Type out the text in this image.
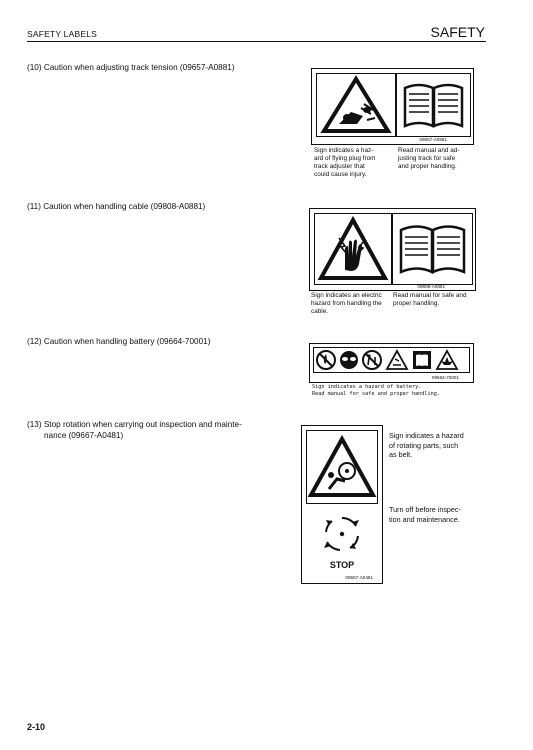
SAFETY LABELS	SAFETY
(10) Caution when adjusting track tension (09657-A0881)
09657-A0881
Sign indicates a haz-
ard of flying plug from
track adjuster that
could cause injury.
Read manual and ad-
justing track for safe
and proper handling.
(11) Caution when handling cable (09808-A0881)
09808-A0881
Sign indicates an electric
hazard from handling the
cable.
Read manual for safe and
proper handling.
(12) Caution when handling battery (09664-70001)
09664-70001
Sign indicates a hazard of battery.
Read manual for safe and proper handling.
(13) Stop rotation when carrying out inspection and mainte-
nance (09667-A0481)
STOP
09667-A0481
Sign indicates a hazard
of rotating parts, such
as belt.
Turn off before inspec-
tion and maintenance.
2-10
